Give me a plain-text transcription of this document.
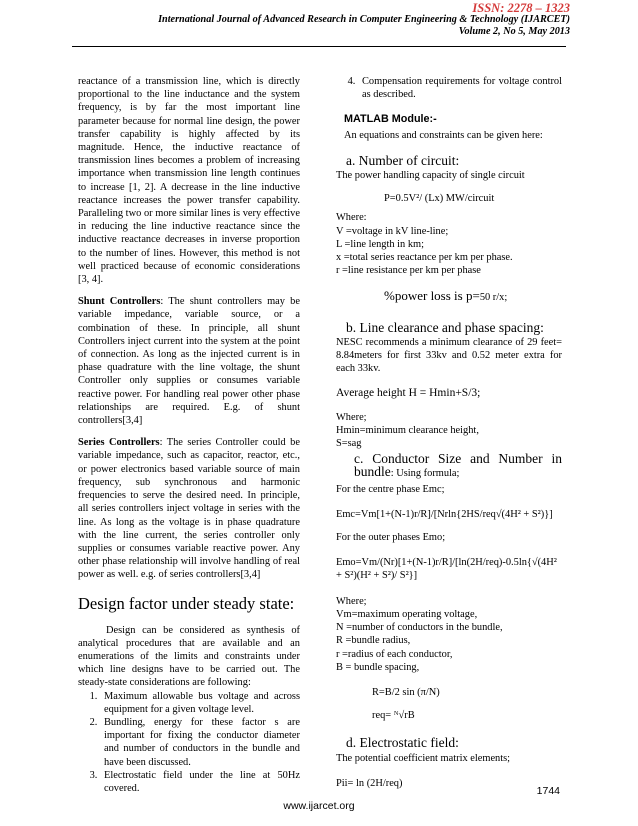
ISSN: 2278 – 1323
International Journal of Advanced Research in Computer Engineering & Technology (IJARCET)
Volume 2, No 5, May 2013

reactance of a transmission line, which is directly proportional to the line inductance and the system frequency, is by far the most important line parameter because for normal line design, the power transfer capability is highly affected by its magnitude. Hence, the inductive reactance of transmission lines becomes a problem of increasing importance when transmission line length continues to increase [1, 2]. A decrease in the line inductive reactance increases the power transfer capability. Paralleling two or more similar lines is very effective in reducing the line inductive reactance since the inductive reactance decreases in inverse proportion to the number of lines. However, this method is not well practiced because of economic considerations [3, 4].

Shunt Controllers: The shunt controllers may be variable impedance, variable source, or a combination of these. In principle, all shunt Controllers inject current into the system at the point of connection. As long as the injected current is in phase quadrature with the line voltage, the shunt Controller only supplies or consumes variable reactive power. For handling real power other phase relationships are required. E.g. of shunt controllers[3,4]

Series Controllers: The series Controller could be variable impedance, such as capacitor, reactor, etc., or power electronics based variable source of main frequency, sub synchronous and harmonic frequencies to serve the desired need. In principle, all series controllers inject voltage in series with the line. As long as the voltage is in phase quadrature with the line current, the series controller only supplies or consumes variable reactive power. Any other phase relationship will involve handling of real power as well. e.g. of series controllers[3,4]

Design factor under steady state:

Design can be considered as synthesis of analytical procedures that are available and an enumerations of the limits and constraints under which line designs have to be carried out. The steady-state considerations are following:

1. Maximum allowable bus voltage and across equipment for a given voltage level.
2. Bundling, energy for these factor s are important for fixing the conductor diameter and number of conductors in the bundle and have been discussed.
3. Electrostatic field under the line at 50Hz covered.
4. Compensation requirements for voltage control as described.
MATLAB Module:-
An equations and constraints can be given here:
a. Number of circuit:
The power handling capacity of single circuit
P=0.5V²/ (Lx) MW/circuit
Where:
V =voltage in kV line-line;
L =line length in km;
x =total series reactance per km per phase.
r =line resistance per km per phase
%power loss is p=50 r/x;
b. Line clearance and phase spacing:

NESC recommends a minimum clearance of 29 feet= 8.84meters for first 33kv and 0.52 meter extra for each 33kv.

Average height H = Hmin+S/3;
Where;
Hmin=minimum clearance height,
S=sag
c. Conductor Size and Number in bundle: Using formula;
For the centre phase Emc;
Emc=Vm[1+(N-1)r/R]/[Nrln{2HS/req√(4H² + S²)}]
For the outer phases Emo;
Emo=Vm/(Nr)[1+(N-1)r/R]/[ln(2H/req)-0.5ln{√(4H² + S²)(H² + S²)/ S²}]
Where;
Vm=maximum operating voltage,
N =number of conductors in the bundle,
R =bundle radius,
r =radius of each conductor,
B = bundle spacing,
R=B/2 sin (π/N)
req= ᴺ√rB
d. Electrostatic field:
The potential coefficient matrix elements;
Pii= ln (2H/req)
1744
www.ijarcet.org
